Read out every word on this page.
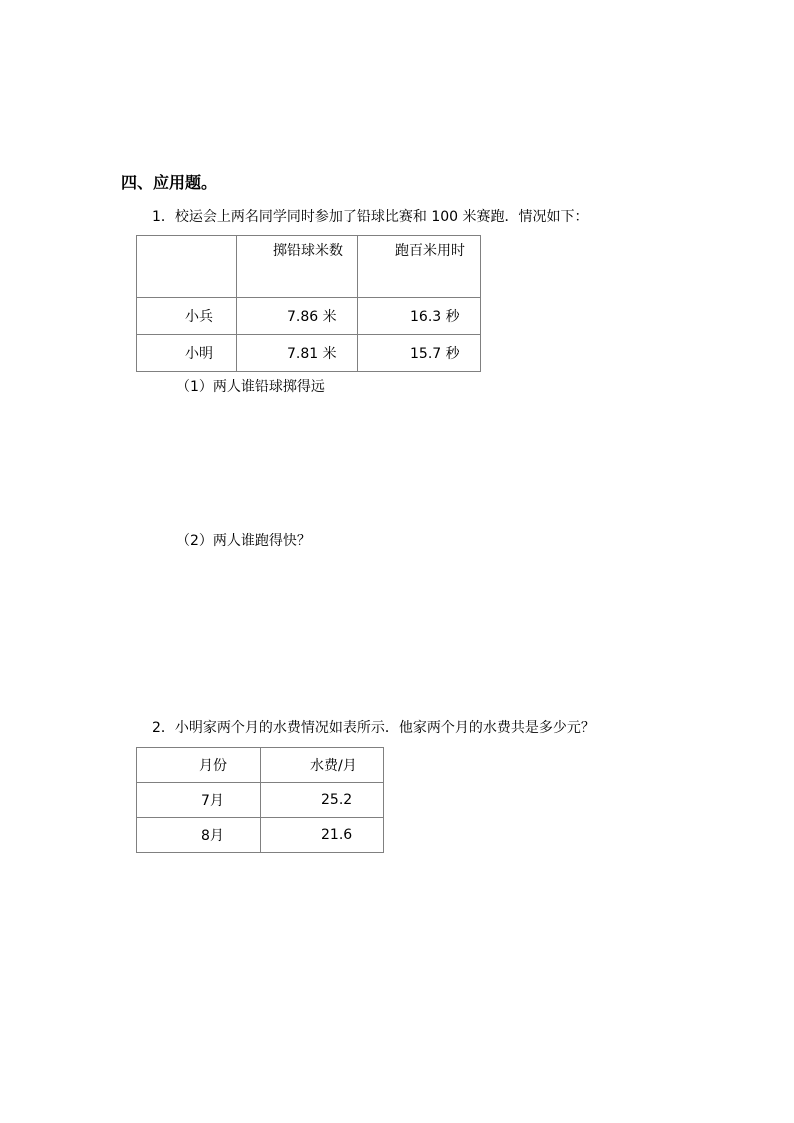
四、应用题。
1．校运会上两名同学同时参加了铅球比赛和 100 米赛跑．情况如下：

	掷铅球米数	跑百米用时

小兵	7.86 米	16.3 秒

小明	7.81 米	15.7 秒
（1）两人谁铅球掷得远
（2）两人谁跑得快？
2．小明家两个月的水费情况如表所示．他家两个月的水费共是多少元？
月份	水费/月
7月	25.2
8月	21.6
